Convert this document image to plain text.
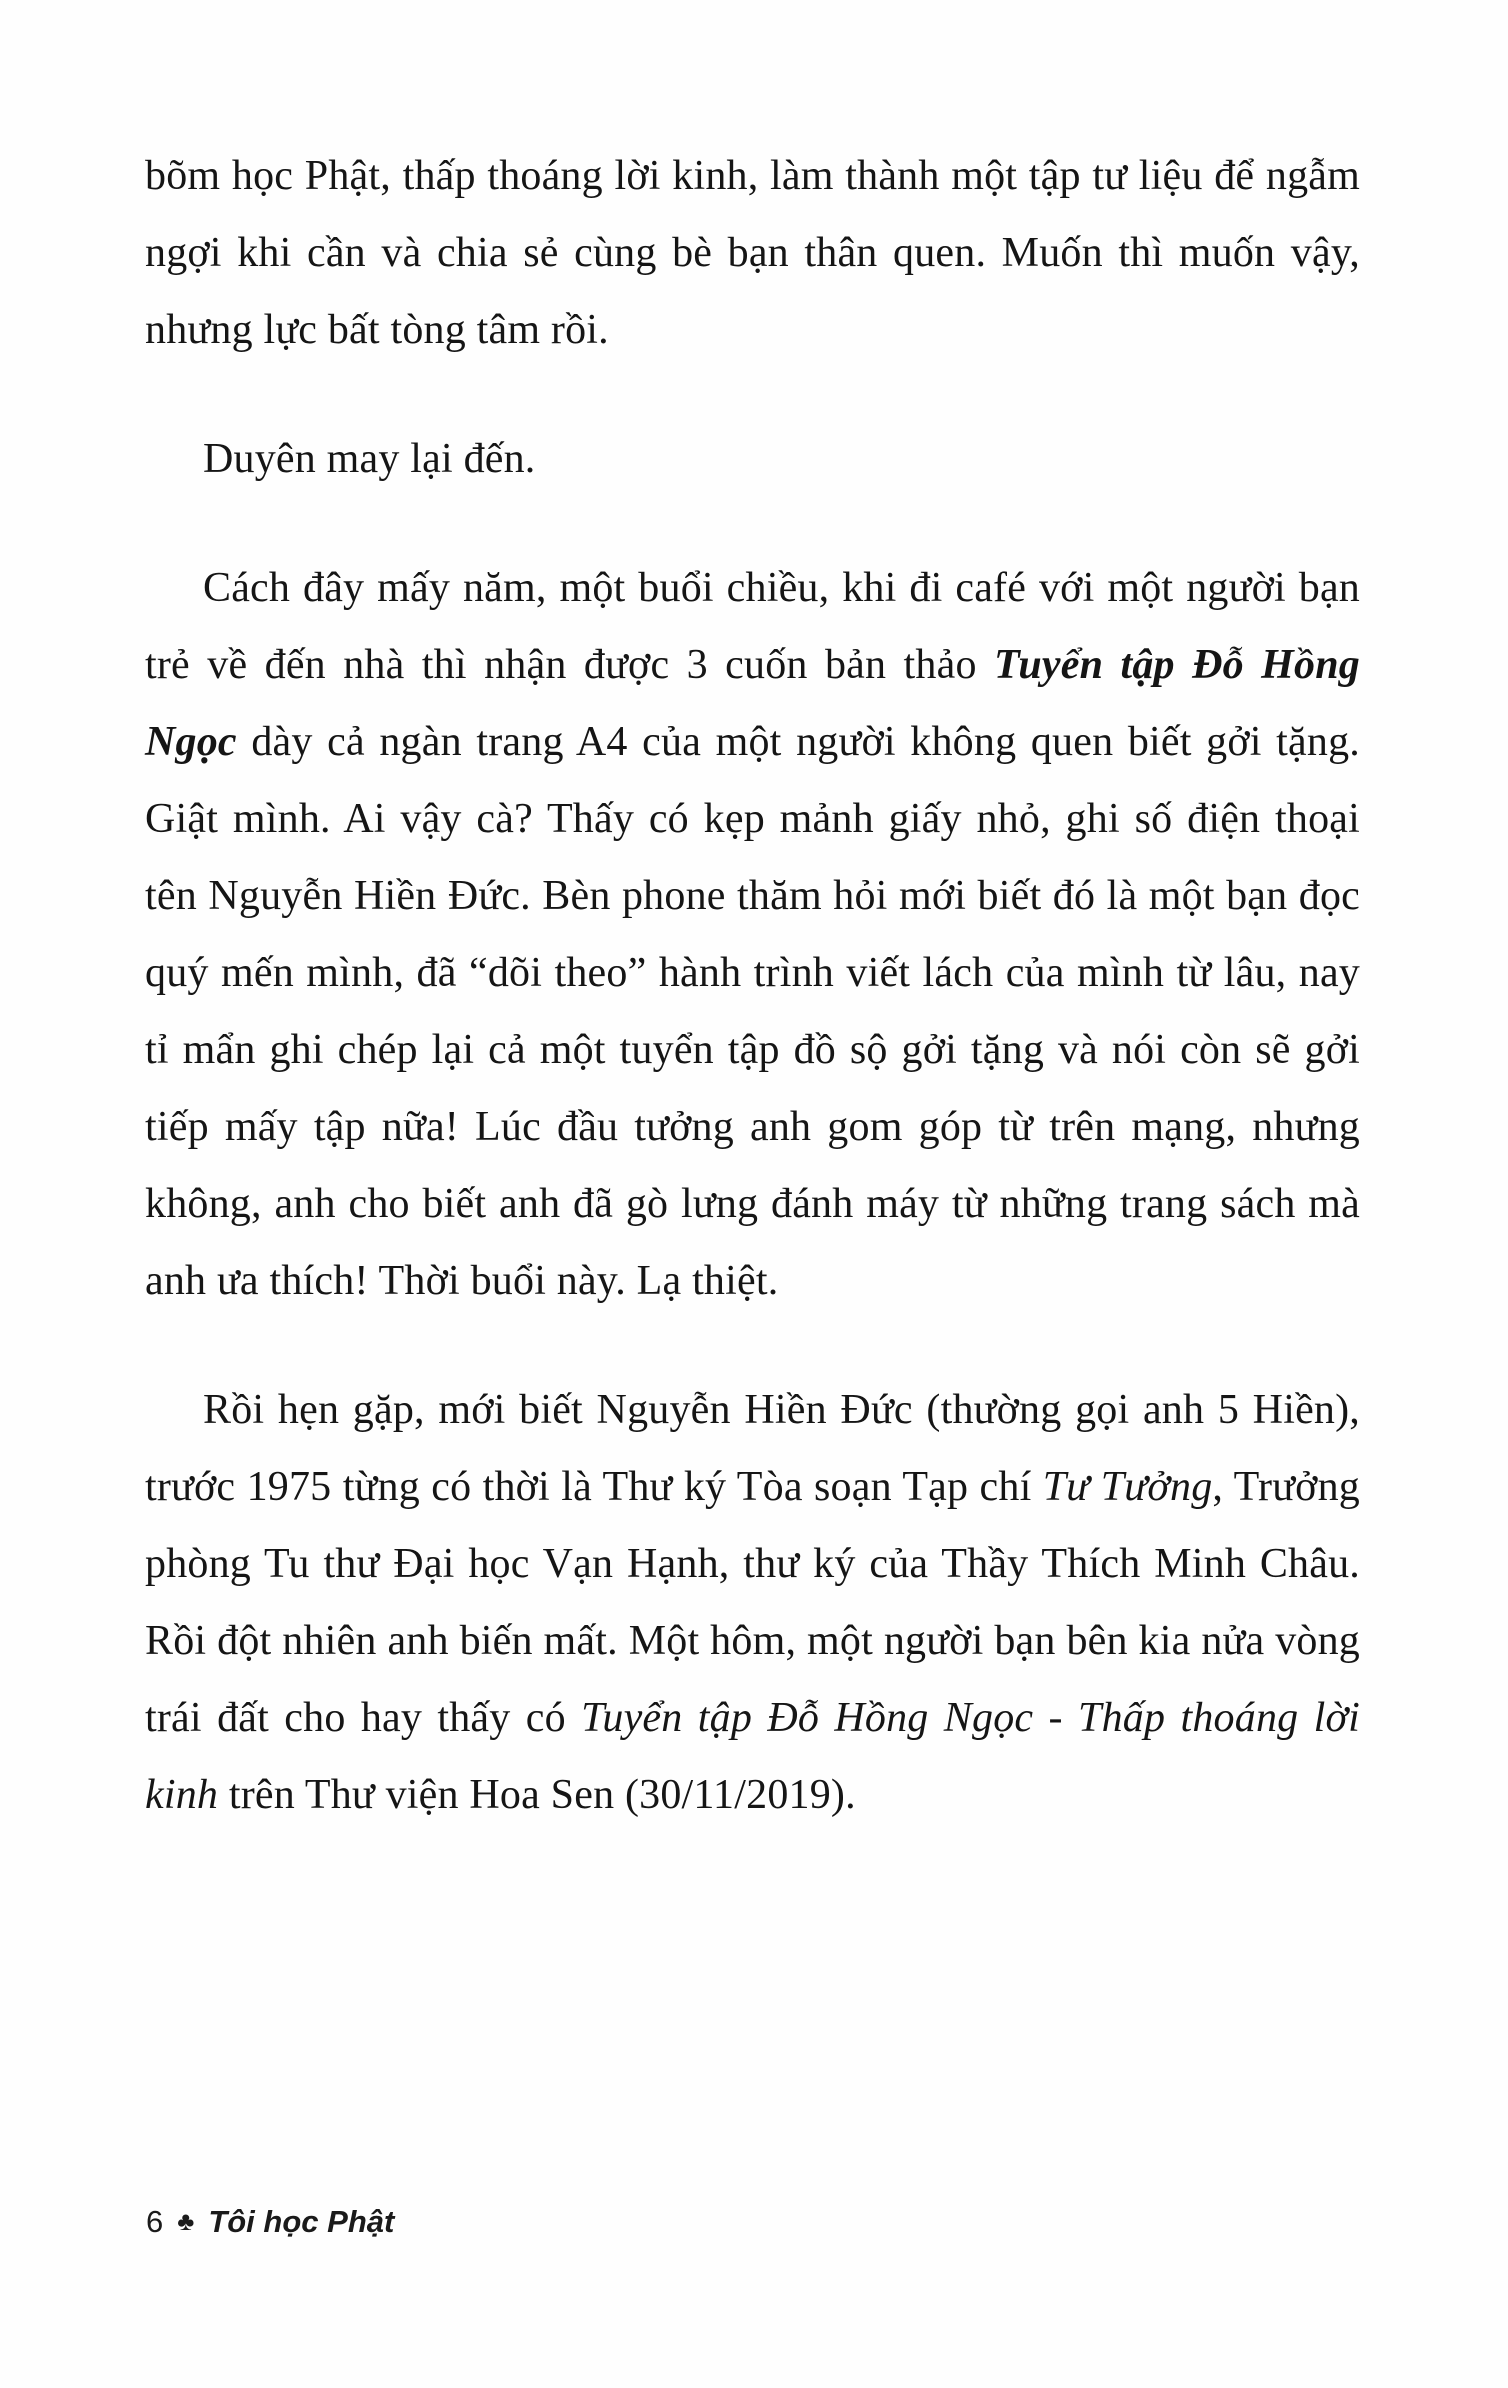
bõm học Phật, thấp thoáng lời kinh, làm thành một tập tư liệu để ngẫm ngợi khi cần và chia sẻ cùng bè bạn thân quen. Muốn thì muốn vậy, nhưng lực bất tòng tâm rồi.

Duyên may lại đến.

Cách đây mấy năm, một buổi chiều, khi đi café với một người bạn trẻ về đến nhà thì nhận được 3 cuốn bản thảo Tuyển tập Đỗ Hồng Ngọc dày cả ngàn trang A4 của một người không quen biết gởi tặng. Giật mình. Ai vậy cà? Thấy có kẹp mảnh giấy nhỏ, ghi số điện thoại tên Nguyễn Hiền Đức. Bèn phone thăm hỏi mới biết đó là một bạn đọc quý mến mình, đã “dõi theo” hành trình viết lách của mình từ lâu, nay tỉ mẩn ghi chép lại cả một tuyển tập đồ sộ gởi tặng và nói còn sẽ gởi tiếp mấy tập nữa! Lúc đầu tưởng anh gom góp từ trên mạng, nhưng không, anh cho biết anh đã gò lưng đánh máy từ những trang sách mà anh ưa thích! Thời buổi này. Lạ thiệt.

Rồi hẹn gặp, mới biết Nguyễn Hiền Đức (thường gọi anh 5 Hiền), trước 1975 từng có thời là Thư ký Tòa soạn Tạp chí Tư Tưởng, Trưởng phòng Tu thư Đại học Vạn Hạnh, thư ký của Thầy Thích Minh Châu. Rồi đột nhiên anh biến mất. Một hôm, một người bạn bên kia nửa vòng trái đất cho hay thấy có Tuyển tập Đỗ Hồng Ngọc - Thấp thoáng lời kinh trên Thư viện Hoa Sen (30/11/2019).

6 ♣ Tôi học Phật
